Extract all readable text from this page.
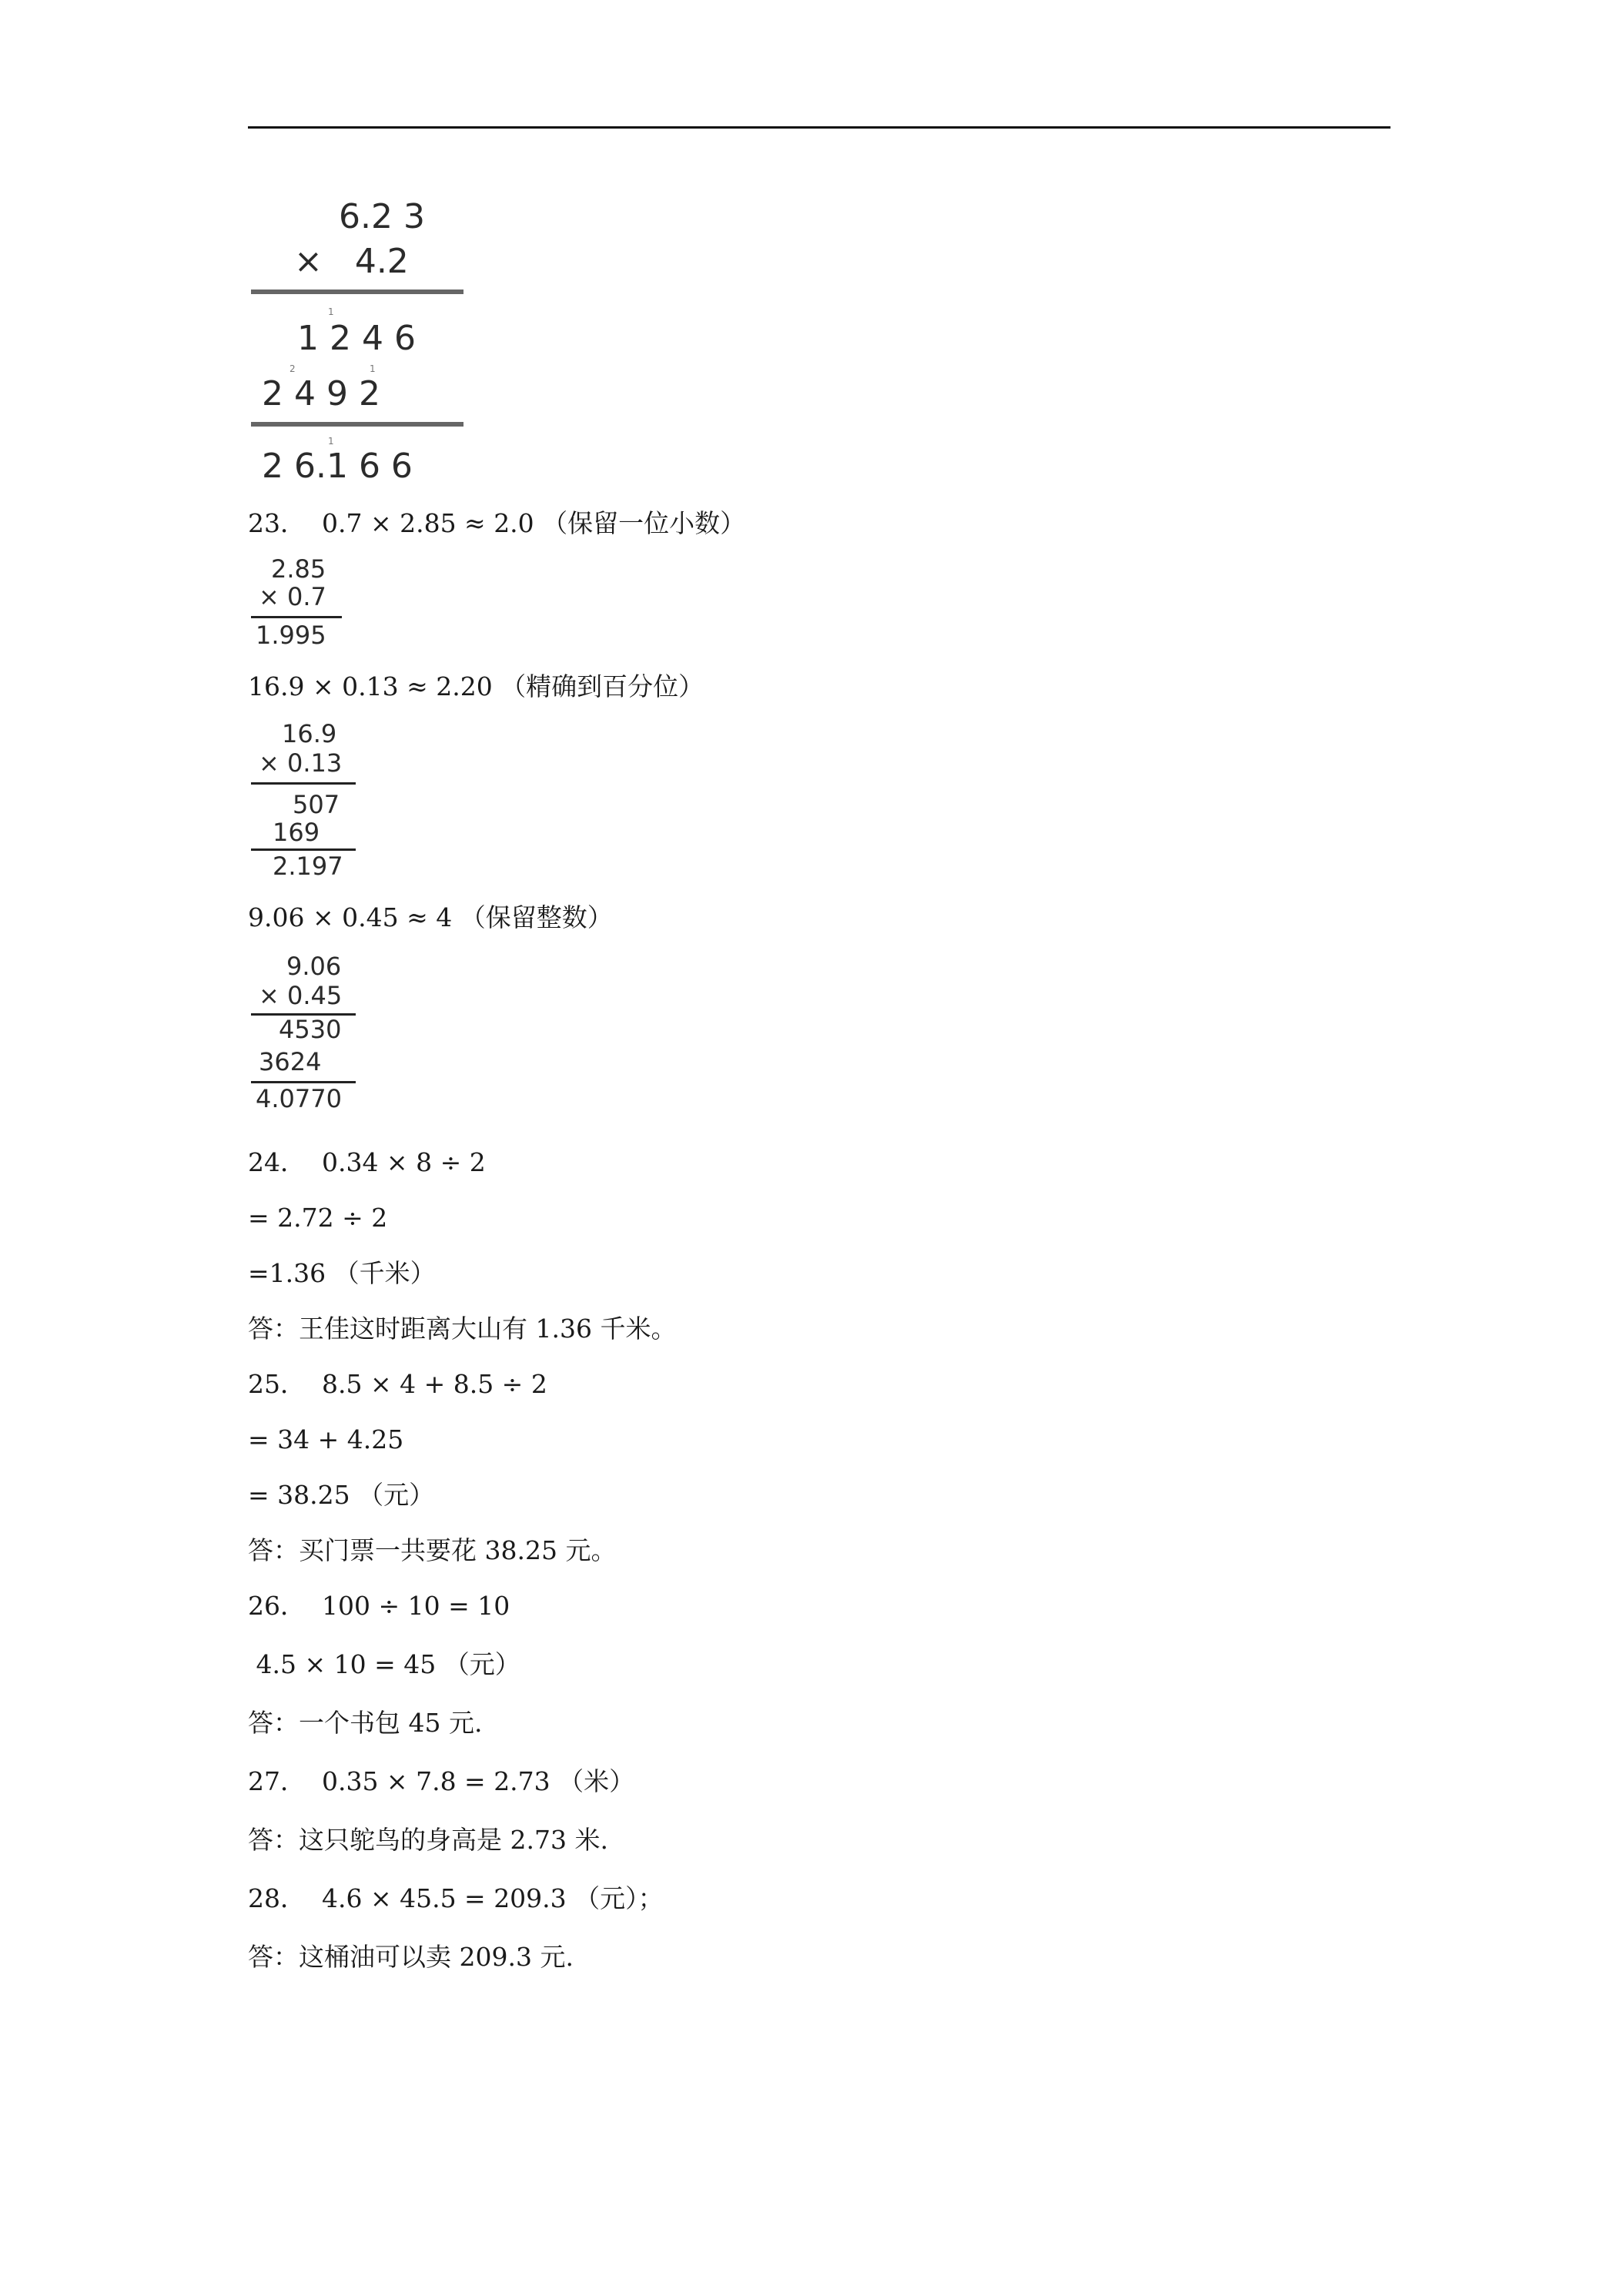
6.2 3
×   4.2
1
1 2 4 6
2	1
2 4 9 2
1
2 6.1 6 6
23．  0.7 × 2.85 ≈ 2.0 （保留一位小数）
2.85
× 0.7
1.995
16.9 × 0.13 ≈ 2.20 （精确到百分位）
16.9
× 0.13
507
169
2.197
9.06 × 0.45 ≈ 4 （保留整数）
9.06
× 0.45
4530
3624
4.0770
24．  0.34 × 8 ÷ 2
= 2.72 ÷ 2
=1.36 （千米）
答：王佳这时距离大山有 1.36 千米。
25．  8.5 × 4 + 8.5 ÷ 2
= 34 + 4.25
= 38.25 （元）
答：买门票一共要花 38.25 元。
26．  100 ÷ 10 = 10
4.5 × 10 = 45 （元）
答：一个书包 45 元.
27．  0.35 × 7.8 = 2.73 （米）
答：这只鸵鸟的身高是 2.73 米.
28．  4.6 × 45.5 = 209.3 （元）；
答：这桶油可以卖 209.3 元.
